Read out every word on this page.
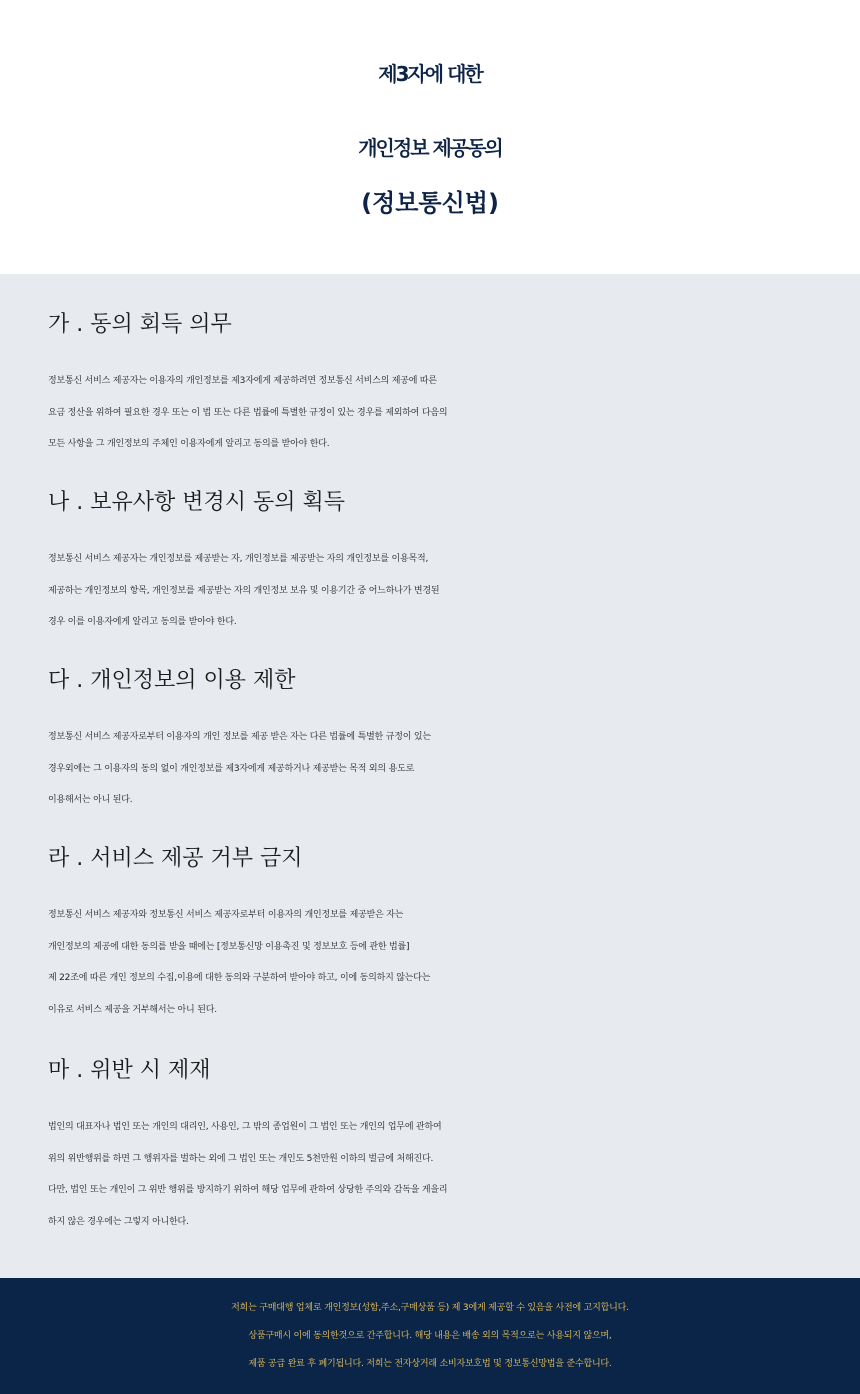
제3자에 대한
개인정보 제공동의
(정보통신법)
가 . 동의 회득 의무
정보통신 서비스 제공자는 이용자의 개인정보를 제3자에게 제공하려면 정보통신 서비스의 제공에 따른
요금 정산을 위하여 필요한 경우 또는 이 법 또는 다른 법률에 특별한 규정이 있는 경우를 제외하여 다음의
모든 사항을 그 개인정보의 주체인 이용자에게 알리고 동의를 받아야 한다.
나 . 보유사항 변경시 동의 획득
정보통신 서비스 제공자는 개인정보를 제공받는 자, 개인정보를 제공받는 자의 개인정보를 이용목적,
제공하는 개인정보의 항목, 개인정보를 제공받는 자의 개인정보 보유 및 이용기간 중 어느하나가 변경된
경우 이를 이용자에게 알리고 동의를 받아야 한다.
다 . 개인정보의 이용 제한
정보통신 서비스 제공자로부터 이용자의 개인 정보를 제공 받은 자는 다른 법률에 특별한 규정이 있는
경우외에는 그 이용자의 동의 없이 개인정보를 제3자에게 제공하거나 제공받는 목적 외의 용도로
이용해서는 아니 된다.
라 . 서비스 제공 거부 금지
정보통신 서비스 제공자와 정보통신 서비스 제공자로부터 이용자의 개인정보를 제공받은 자는
개인정보의 제공에 대한 동의를 받을 때에는 [정보통신망 이용촉진 및 정보보호 등에 관한 법률]
제 22조에 따른 개인 정보의 수집,이용에 대한 동의와 구분하여 받아야 하고, 이에 동의하지 않는다는
이유로 서비스 제공을 거부해서는 아니 된다.
마 . 위반 시 제재
법인의 대표자나 법인 또는 개인의 대리인, 사용인, 그 밖의 종업원이 그 법인 또는 개인의 업무에 관하여
위의 위반행위를 하면 그 행위자를 벌하는 외에 그 법인 또는 개인도 5천만원 이하의 벌금에 처해진다.
다만, 법인 또는 개인이 그 위반 행위를 방지하기 위하여 해당 업무에 관하여 상당한 주의와 감독을 게을리
하지 않은 경우에는 그렇지 아니한다.
저희는 구매대행 업체로 개인정보(성함,주소,구매상품 등) 제 3에게 제공할 수 있음을 사전에 고지합니다.
상품구매시 이에 동의한것으로 간주합니다. 해당 내용은 배송 외의 목적으로는 사용되지 않으며,
제품 공급 완료 후 폐기됩니다. 저희는 전자상거래 소비자보호법 및 정보통신망법을 준수합니다.
